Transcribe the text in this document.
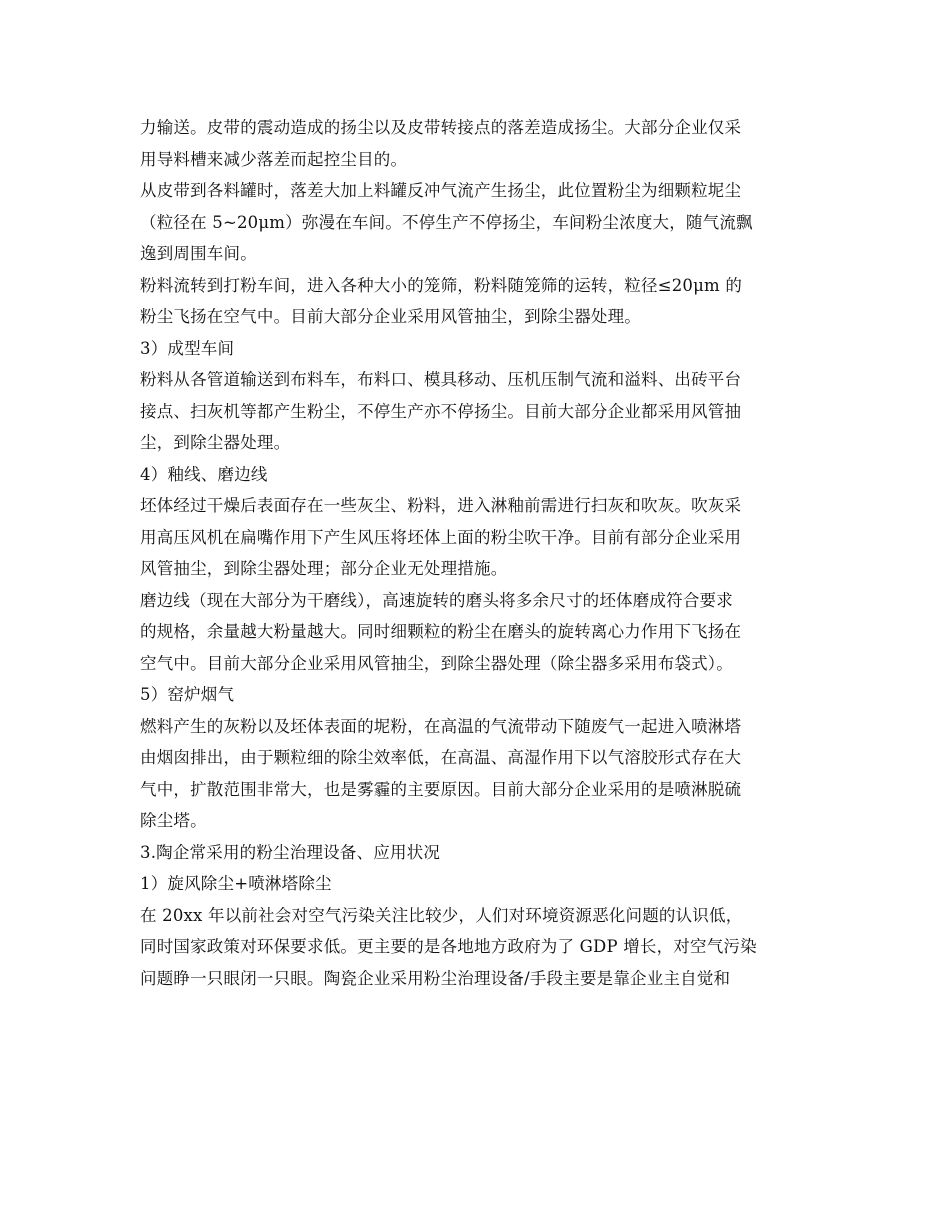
力输送。皮带的震动造成的扬尘以及皮带转接点的落差造成扬尘。大部分企业仅采
用导料槽来减少落差而起控尘目的。
从皮带到各料罐时，落差大加上料罐反冲气流产生扬尘，此位置粉尘为细颗粒坭尘
（粒径在 5~20μm）弥漫在车间。不停生产不停扬尘，车间粉尘浓度大，随气流飘
逸到周围车间。
粉料流转到打粉车间，进入各种大小的笼筛，粉料随笼筛的运转，粒径≤20μm 的
粉尘飞扬在空气中。目前大部分企业采用风管抽尘，到除尘器处理。
3）成型车间
粉料从各管道输送到布料车，布料口、模具移动、压机压制气流和溢料、出砖平台
接点、扫灰机等都产生粉尘，不停生产亦不停扬尘。目前大部分企业都采用风管抽
尘，到除尘器处理。
4）釉线、磨边线
坯体经过干燥后表面存在一些灰尘、粉料，进入淋釉前需进行扫灰和吹灰。吹灰采
用高压风机在扁嘴作用下产生风压将坯体上面的粉尘吹干净。目前有部分企业采用
风管抽尘，到除尘器处理；部分企业无处理措施。
磨边线（现在大部分为干磨线），高速旋转的磨头将多余尺寸的坯体磨成符合要求
的规格，余量越大粉量越大。同时细颗粒的粉尘在磨头的旋转离心力作用下飞扬在
空气中。目前大部分企业采用风管抽尘，到除尘器处理（除尘器多采用布袋式）。
5）窑炉烟气
燃料产生的灰粉以及坯体表面的坭粉，在高温的气流带动下随废气一起进入喷淋塔
由烟囱排出，由于颗粒细的除尘效率低，在高温、高湿作用下以气溶胶形式存在大
气中，扩散范围非常大，也是雾霾的主要原因。目前大部分企业采用的是喷淋脱硫
除尘塔。
3.陶企常采用的粉尘治理设备、应用状况
1）旋风除尘+喷淋塔除尘
在 20xx 年以前社会对空气污染关注比较少，人们对环境资源恶化问题的认识低，
同时国家政策对环保要求低。更主要的是各地地方政府为了 GDP 增长，对空气污染
问题睁一只眼闭一只眼。陶瓷企业采用粉尘治理设备/手段主要是靠企业主自觉和
